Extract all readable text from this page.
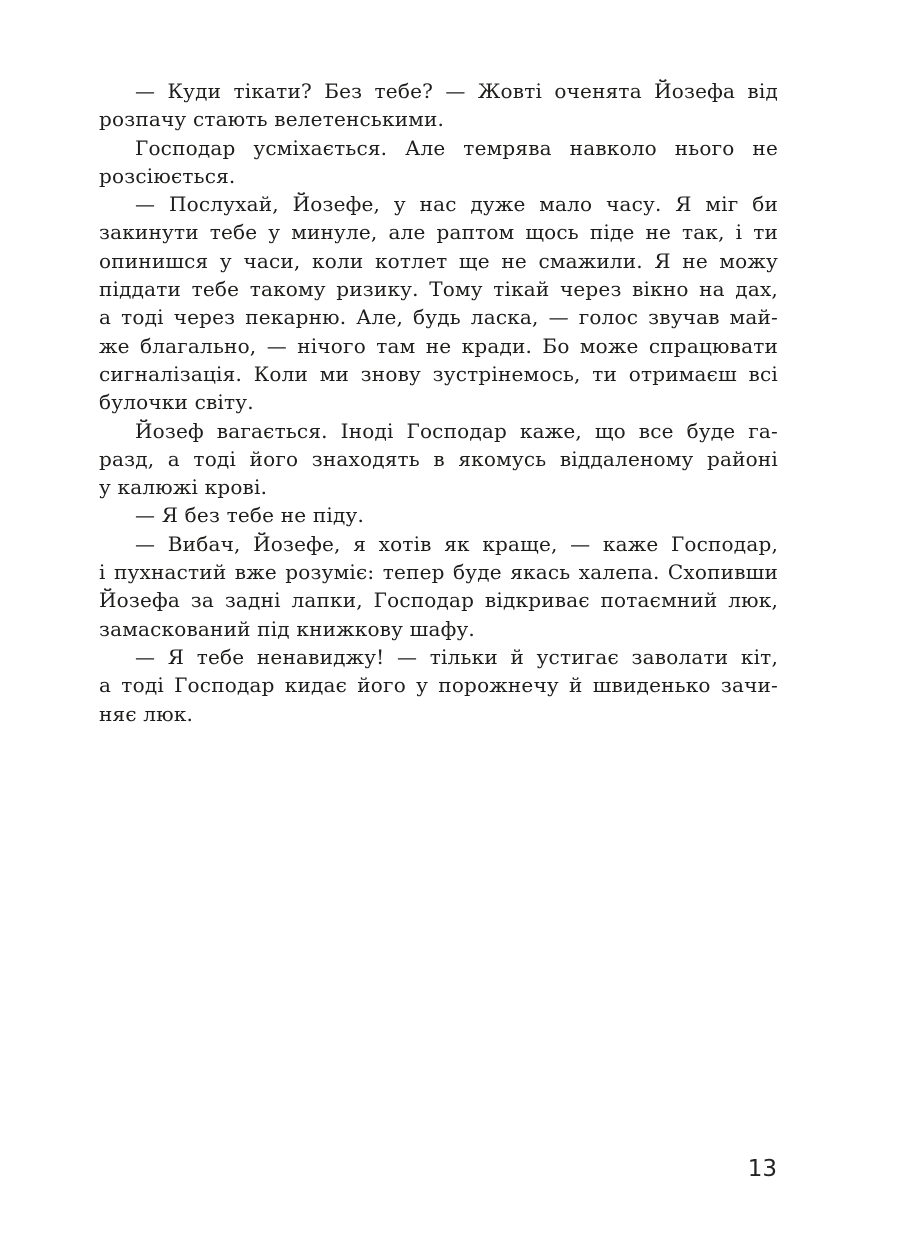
— Куди тікати? Без тебе? — Жовті оченята Йозефа від
розпачу стають велетенськими.
Господар усміхається. Але темрява навколо нього не
розсіюється.
— Послухай, Йозефе, у нас дуже мало часу. Я міг би
закинути тебе у минуле, але раптом щось піде не так, і ти
опинишся у часи, коли котлет ще не смажили. Я не можу
піддати тебе такому ризику. Тому тікай через вікно на дах,
а тоді через пекарню. Але, будь ласка, — голос звучав май-
же благально, — нічого там не кради. Бо може спрацювати
сигналізація. Коли ми знову зустрінемось, ти отримаєш всі
булочки світу.
Йозеф вагається. Іноді Господар каже, що все буде га-
разд, а тоді його знаходять в якомусь віддаленому районі
у калюжі крові.
— Я без тебе не піду.
— Вибач, Йозефе, я хотів як краще, — каже Господар,
і пухнастий вже розуміє: тепер буде якась халепа. Схопивши
Йозефа за задні лапки, Господар відкриває потаємний люк,
замаскований під книжкову шафу.
— Я тебе ненавиджу! — тільки й устигає заволати кіт,
а тоді Господар кидає його у порожнечу й швиденько зачи-
няє люк.
13
